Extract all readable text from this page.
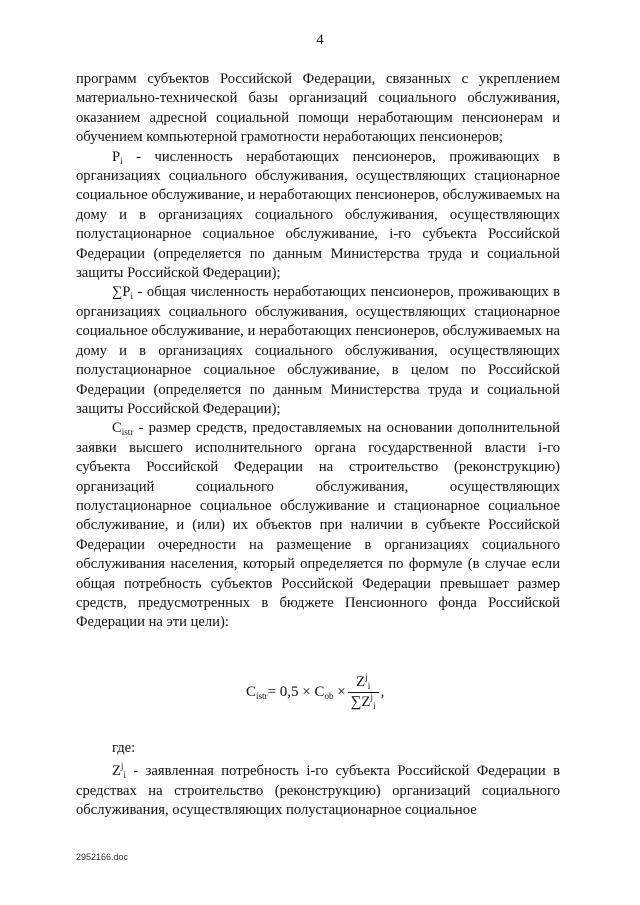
4

программ субъектов Российской Федерации, связанных с укреплением материально-технической базы организаций социального обслуживания, оказанием адресной социальной помощи неработающим пенсионерам и обучением компьютерной грамотности неработающих пенсионеров;

$P_i$ - численность неработающих пенсионеров, проживающих в организациях социального обслуживания, осуществляющих стационарное социальное обслуживание, и неработающих пенсионеров, обслуживаемых на дому и в организациях социального обслуживания, осуществляющих полустационарное социальное обслуживание, i-го субъекта Российской Федерации (определяется по данным Министерства труда и социальной защиты Российской Федерации);

$\sum P_i$ - общая численность неработающих пенсионеров, проживающих в организациях социального обслуживания, осуществляющих стационарное социальное обслуживание, и неработающих пенсионеров, обслуживаемых на дому и в организациях социального обслуживания, осуществляющих полустационарное социальное обслуживание, в целом по Российской Федерации (определяется по данным Министерства труда и социальной защиты Российской Федерации);

$C_{istr}$ - размер средств, предоставляемых на основании дополнительной заявки высшего исполнительного органа государственной власти i-го субъекта Российской Федерации на строительство (реконструкцию) организаций социального обслуживания, осуществляющих полустационарное социальное обслуживание и стационарное социальное обслуживание, и (или) их объектов при наличии в субъекте Российской Федерации очередности на размещение в организациях социального обслуживания населения, который определяется по формуле (в случае если общая потребность субъектов Российской Федерации превышает размер средств, предусмотренных в бюджете Пенсионного фонда Российской Федерации на эти цели):

$C_{istr} = 0,5 \times C_{ob} \times \frac{Z^j_i}{\sum Z^j_i}$ ,
где:

$Z^j_i$ - заявленная потребность i-го субъекта Российской Федерации в средствах на строительство (реконструкцию) организаций социального обслуживания, осуществляющих полустационарное социальное

2952166.doc
